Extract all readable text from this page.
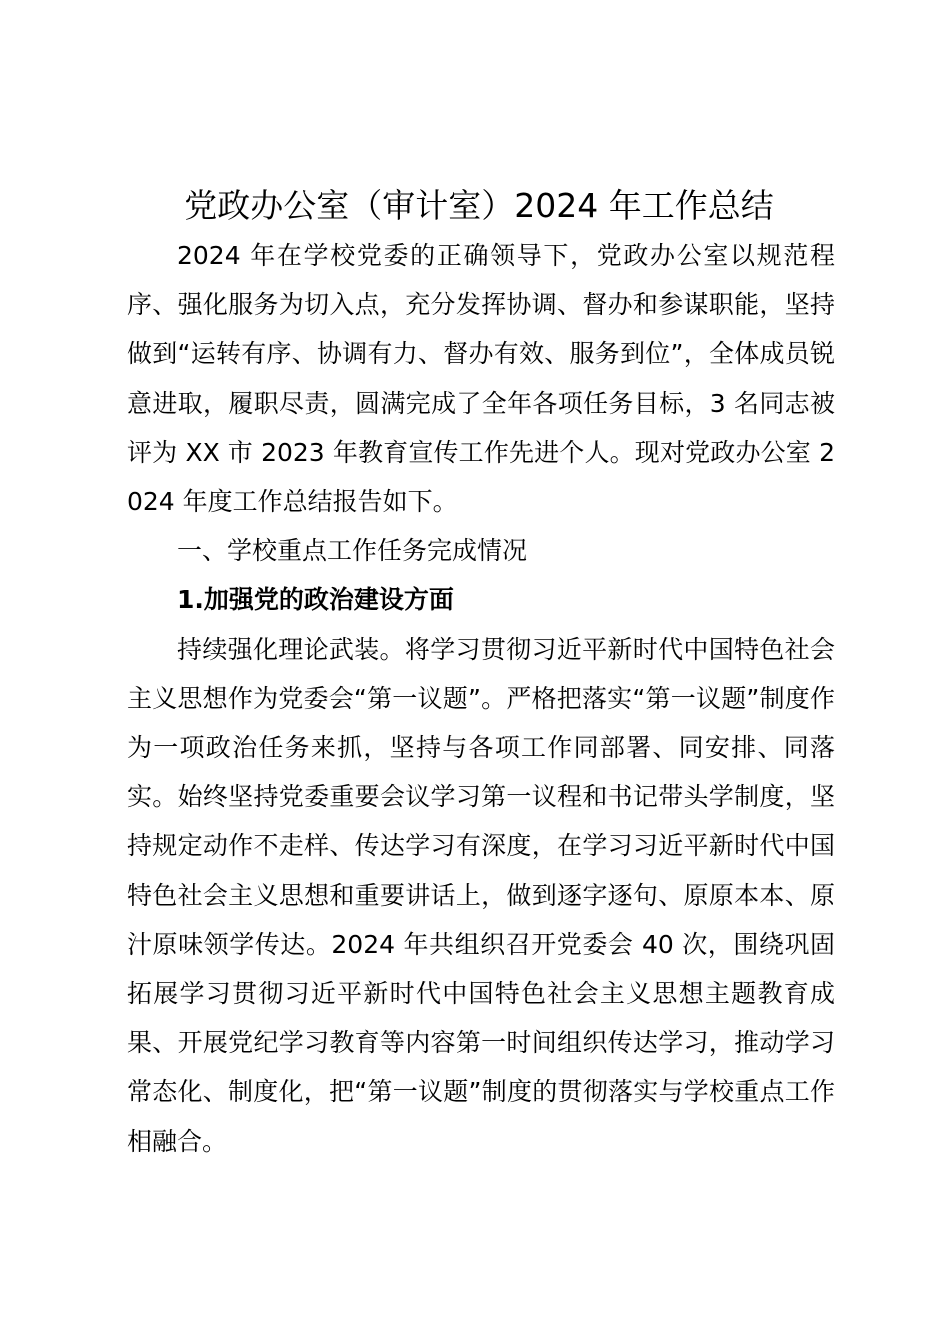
党政办公室（审计室）2024 年工作总结

2024 年在学校党委的正确领导下，党政办公室以规范程序、强化服务为切入点，充分发挥协调、督办和参谋职能，坚持做到“运转有序、协调有力、督办有效、服务到位”，全体成员锐意进取，履职尽责，圆满完成了全年各项任务目标，3 名同志被评为 XX 市 2023 年教育宣传工作先进个人。现对党政办公室 2024 年度工作总结报告如下。

一、学校重点工作任务完成情况

1.加强党的政治建设方面

持续强化理论武装。将学习贯彻习近平新时代中国特色社会主义思想作为党委会“第一议题”。严格把落实“第一议题”制度作为一项政治任务来抓，坚持与各项工作同部署、同安排、同落实。始终坚持党委重要会议学习第一议程和书记带头学制度，坚持规定动作不走样、传达学习有深度，在学习习近平新时代中国特色社会主义思想和重要讲话上，做到逐字逐句、原原本本、原汁原味领学传达。2024 年共组织召开党委会 40 次，围绕巩固拓展学习贯彻习近平新时代中国特色社会主义思想主题教育成果、开展党纪学习教育等内容第一时间组织传达学习，推动学习常态化、制度化，把“第一议题”制度的贯彻落实与学校重点工作相融合。
